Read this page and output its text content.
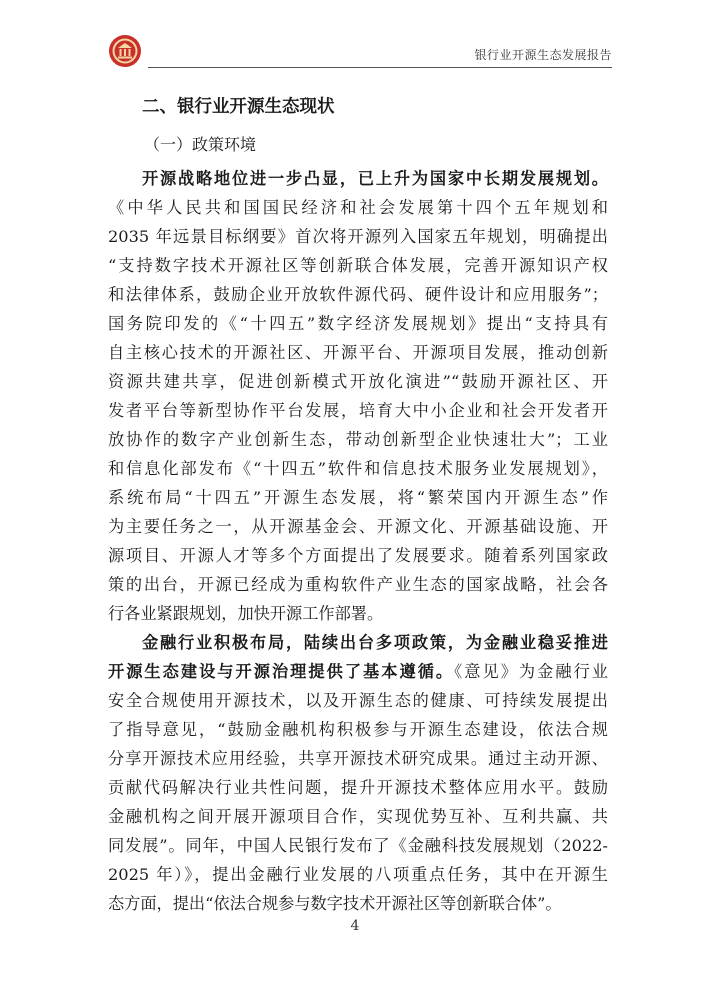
银行业开源生态发展报告
二、银行业开源生态现状
（一）政策环境
开源战略地位进一步凸显，已上升为国家中长期发展规划。
《中华人民共和国国民经济和社会发展第十四个五年规划和
2035 年远景目标纲要》首次将开源列入国家五年规划，明确提出
“支持数字技术开源社区等创新联合体发展，完善开源知识产权
和法律体系，鼓励企业开放软件源代码、硬件设计和应用服务”；
国务院印发的《“十四五”数字经济发展规划》提出“支持具有
自主核心技术的开源社区、开源平台、开源项目发展，推动创新
资源共建共享，促进创新模式开放化演进”“鼓励开源社区、开
发者平台等新型协作平台发展，培育大中小企业和社会开发者开
放协作的数字产业创新生态，带动创新型企业快速壮大”；工业
和信息化部发布《“十四五”软件和信息技术服务业发展规划》，
系统布局“十四五”开源生态发展，将“繁荣国内开源生态”作
为主要任务之一，从开源基金会、开源文化、开源基础设施、开
源项目、开源人才等多个方面提出了发展要求。随着系列国家政
策的出台，开源已经成为重构软件产业生态的国家战略，社会各
行各业紧跟规划，加快开源工作部署。
金融行业积极布局，陆续出台多项政策，为金融业稳妥推进
开源生态建设与开源治理提供了基本遵循。《意见》为金融行业
安全合规使用开源技术，以及开源生态的健康、可持续发展提出
了指导意见，“鼓励金融机构积极参与开源生态建设，依法合规
分享开源技术应用经验，共享开源技术研究成果。通过主动开源、
贡献代码解决行业共性问题，提升开源技术整体应用水平。鼓励
金融机构之间开展开源项目合作，实现优势互补、互利共赢、共
同发展”。同年，中国人民银行发布了《金融科技发展规划（2022-
2025 年）》，提出金融行业发展的八项重点任务，其中在开源生
态方面，提出“依法合规参与数字技术开源社区等创新联合体”。
4
